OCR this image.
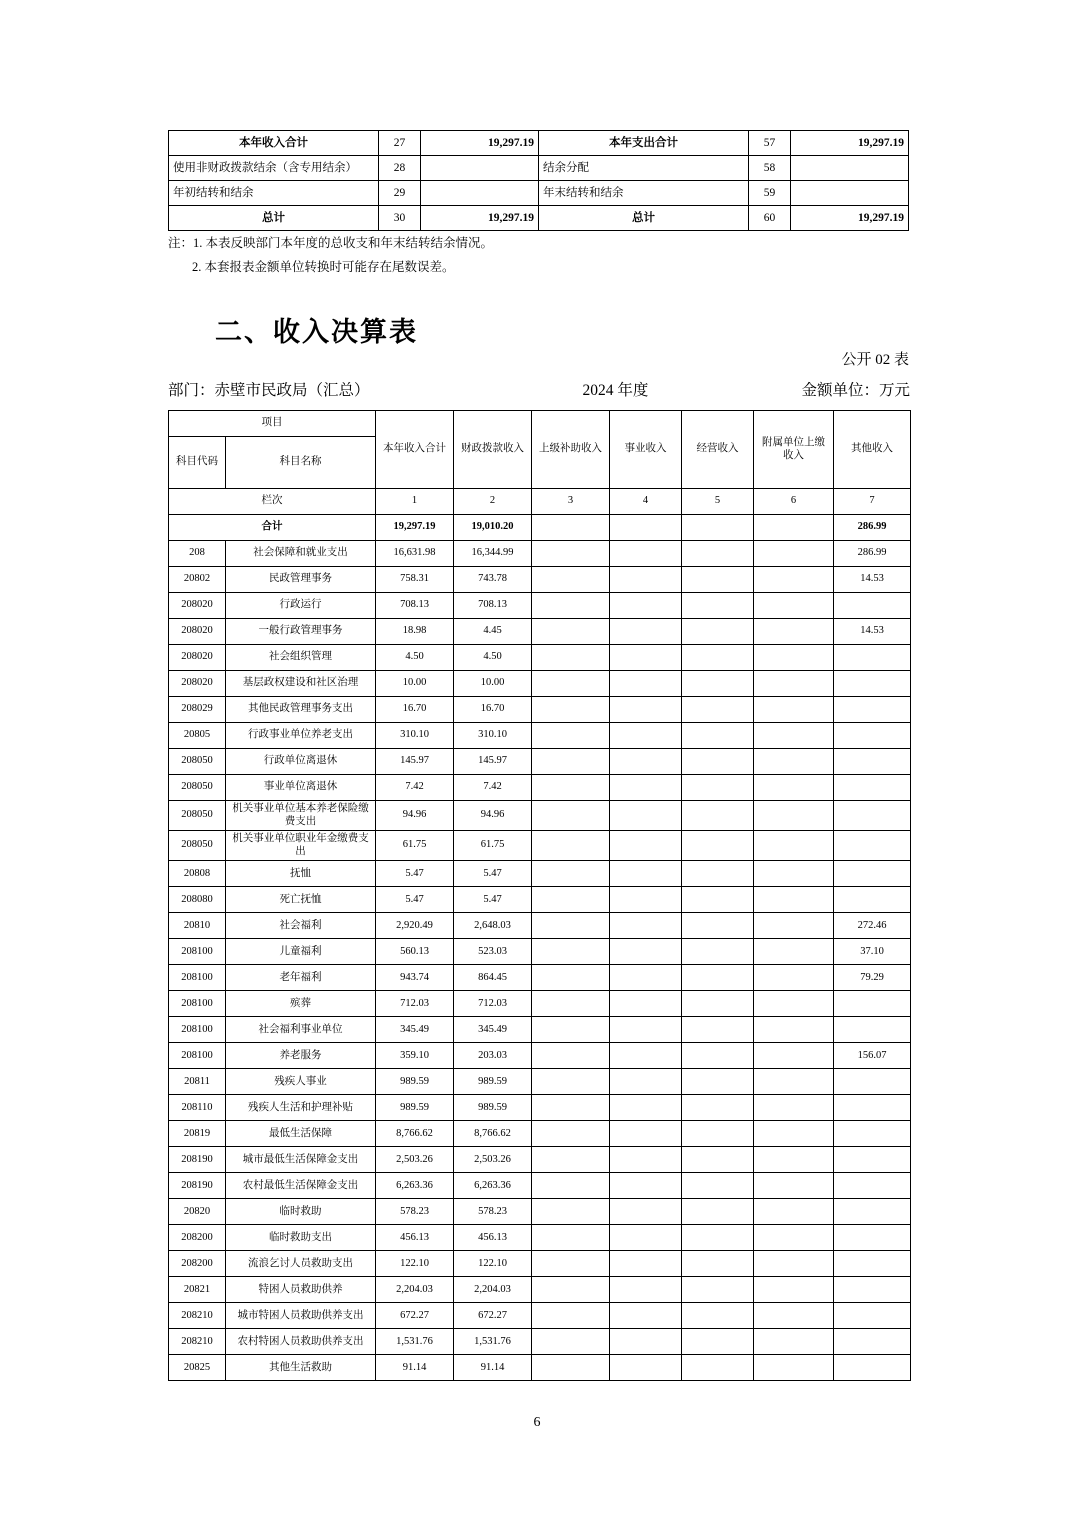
本年收入合计	27	19,297.19	本年支出合计	57	19,297.19
使用非财政拨款结余（含专用结余）	28		结余分配	58	
年初结转和结余	29		年末结转和结余	59	
总计	30	19,297.19	总计	60	19,297.19
注：1. 本表反映部门本年度的总收支和年末结转结余情况。
2. 本套报表金额单位转换时可能存在尾数误差。
二、收入决算表
公开 02 表
部门：赤壁市民政局（汇总）	2024 年度	金额单位：万元
项目		本年收入合计	财政拨款收入	上级补助收入	事业收入	经营收入	附属单位上缴收入	其他收入
科目代码	科目名称							
栏次		1	2	3	4	5	6	7
合计		19,297.19	19,010.20					286.99
208	社会保障和就业支出	16,631.98	16,344.99					286.99
20802	民政管理事务	758.31	743.78					14.53
208020	行政运行	708.13	708.13					
208020	一般行政管理事务	18.98	4.45					14.53
208020	社会组织管理	4.50	4.50					
208020	基层政权建设和社区治理	10.00	10.00					
208029	其他民政管理事务支出	16.70	16.70					
20805	行政事业单位养老支出	310.10	310.10					
208050	行政单位离退休	145.97	145.97					
208050	事业单位离退休	7.42	7.42					
208050	机关事业单位基本养老保险缴费支出	94.96	94.96					
208050	机关事业单位职业年金缴费支出	61.75	61.75					
20808	抚恤	5.47	5.47					
208080	死亡抚恤	5.47	5.47					
20810	社会福利	2,920.49	2,648.03					272.46
208100	儿童福利	560.13	523.03					37.10
208100	老年福利	943.74	864.45					79.29
208100	殡葬	712.03	712.03					
208100	社会福利事业单位	345.49	345.49					
208100	养老服务	359.10	203.03					156.07
20811	残疾人事业	989.59	989.59					
208110	残疾人生活和护理补贴	989.59	989.59					
20819	最低生活保障	8,766.62	8,766.62					
208190	城市最低生活保障金支出	2,503.26	2,503.26					
208190	农村最低生活保障金支出	6,263.36	6,263.36					
20820	临时救助	578.23	578.23					
208200	临时救助支出	456.13	456.13					
208200	流浪乞讨人员救助支出	122.10	122.10					
20821	特困人员救助供养	2,204.03	2,204.03					
208210	城市特困人员救助供养支出	672.27	672.27					
208210	农村特困人员救助供养支出	1,531.76	1,531.76					
20825	其他生活救助	91.14	91.14					
6
